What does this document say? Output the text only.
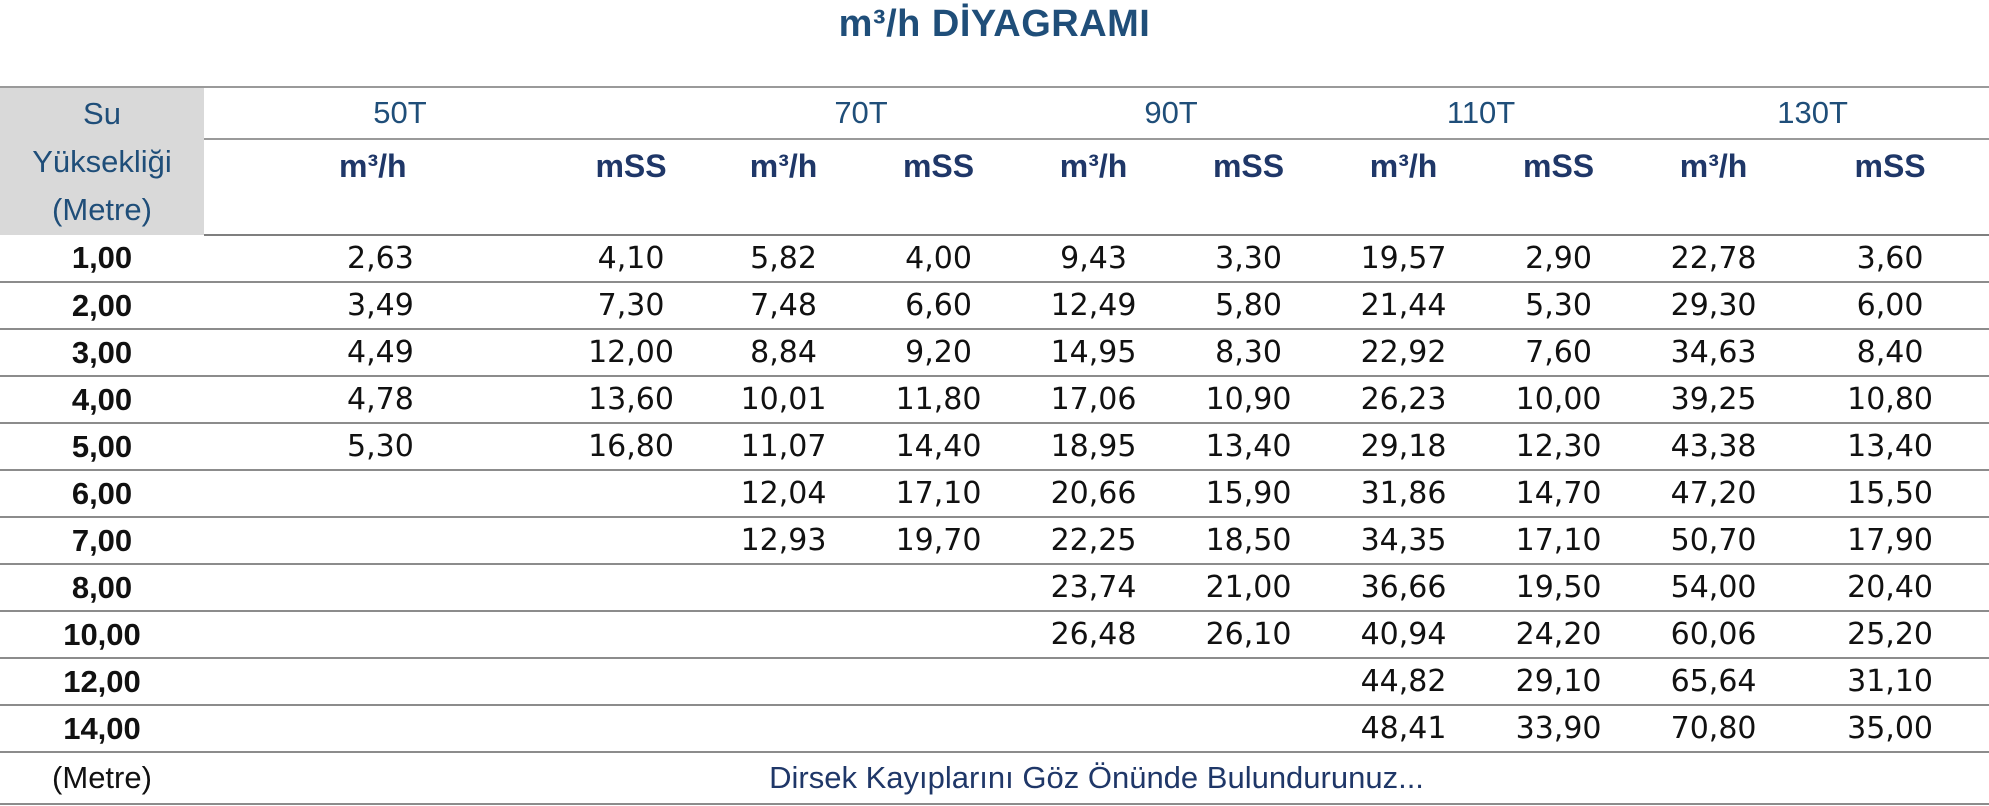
m³/h DİYAGRAMI
Su
Yüksekliği
(Metre)	50T		70T		90T		110T		130T	
	m³/h	mSS	m³/h	mSS	m³/h	mSS	m³/h	mSS	m³/h	mSS

1,00	2,63	4,10	5,82	4,00	9,43	3,30	19,57	2,90	22,78	3,60
2,00	3,49	7,30	7,48	6,60	12,49	5,80	21,44	5,30	29,30	6,00
3,00	4,49	12,00	8,84	9,20	14,95	8,30	22,92	7,60	34,63	8,40
4,00	4,78	13,60	10,01	11,80	17,06	10,90	26,23	10,00	39,25	10,80
5,00	5,30	16,80	11,07	14,40	18,95	13,40	29,18	12,30	43,38	13,40
6,00			12,04	17,10	20,66	15,90	31,86	14,70	47,20	15,50
7,00			12,93	19,70	22,25	18,50	34,35	17,10	50,70	17,90
8,00					23,74	21,00	36,66	19,50	54,00	20,40
10,00					26,48	26,10	40,94	24,20	60,06	25,20
12,00							44,82	29,10	65,64	31,10
14,00							48,41	33,90	70,80	35,00
(Metre)	Dirsek Kayıplarını Göz Önünde Bulundurunuz...									
